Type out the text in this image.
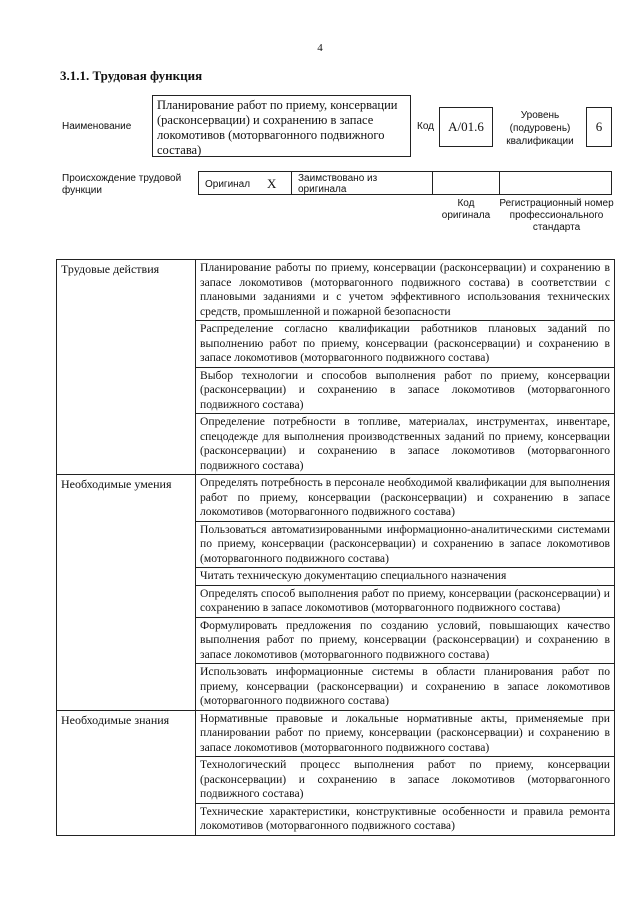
4
3.1.1. Трудовая функция
Наименование
Планирование работ по приему, консервации (расконсервации) и сохранению в запасе локомотивов (моторвагонного подвижного состава)
Код А/01.6
Уровень (подуровень) квалификации
6
Происхождение трудовой функции
Оригинал X Заимствовано из оригинала
Код оригинала
Регистрационный номер профессионального стандарта
Трудовые действия	Планирование работы по приему, консервации (расконсервации) и сохранению в запасе локомотивов (моторвагонного подвижного состава) в соответствии с плановыми заданиями и с учетом эффективного использования технических средств, промышленной и пожарной безопасности
	Распределение согласно квалификации работников плановых заданий по выполнению работ по приему, консервации (расконсервации) и сохранению в запасе локомотивов (моторвагонного подвижного состава)
	Выбор технологии и способов выполнения работ по приему, консервации (расконсервации) и сохранению в запасе локомотивов (моторвагонного подвижного состава)
	Определение потребности в топливе, материалах, инструментах, инвентаре, спецодежде для выполнения производственных заданий по приему, консервации (расконсервации) и сохранению в запасе локомотивов (моторвагонного подвижного состава)
Необходимые умения	Определять потребность в персонале необходимой квалификации для выполнения работ по приему, консервации (расконсервации) и сохранению в запасе локомотивов (моторвагонного подвижного состава)
	Пользоваться автоматизированными информационно-аналитическими системами по приему, консервации (расконсервации) и сохранению в запасе локомотивов (моторвагонного подвижного состава)
	Читать техническую документацию специального назначения
	Определять способ выполнения работ по приему, консервации (расконсервации) и сохранению в запасе локомотивов (моторвагонного подвижного состава)
	Формулировать предложения по созданию условий, повышающих качество выполнения работ по приему, консервации (расконсервации) и сохранению в запасе локомотивов (моторвагонного подвижного состава)
	Использовать информационные системы в области планирования работ по приему, консервации (расконсервации) и сохранению в запасе локомотивов (моторвагонного подвижного состава)
Необходимые знания	Нормативные правовые и локальные нормативные акты, применяемые при планировании работ по приему, консервации (расконсервации) и сохранению в запасе локомотивов (моторвагонного подвижного состава)
	Технологический процесс выполнения работ по приему, консервации (расконсервации) и сохранению в запасе локомотивов (моторвагонного подвижного состава)
	Технические характеристики, конструктивные особенности и правила ремонта локомотивов (моторвагонного подвижного состава)
